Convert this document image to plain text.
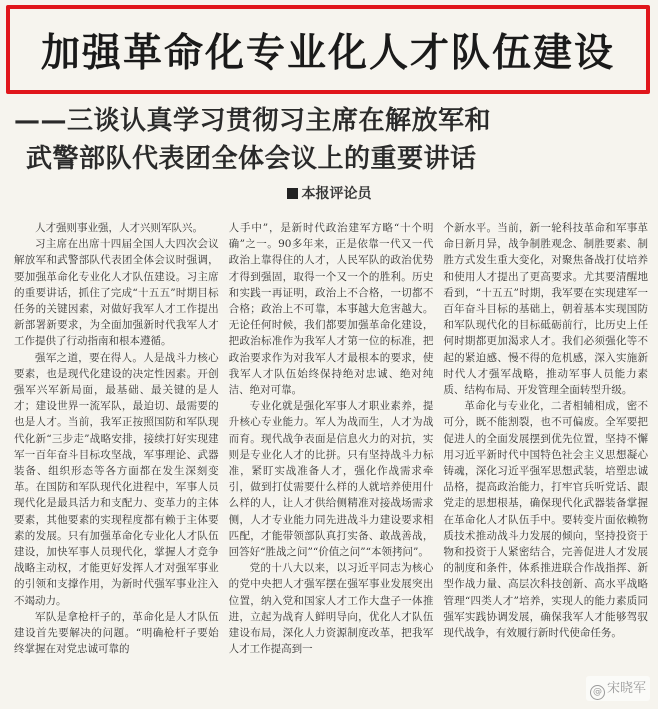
加强革命化专业化人才队伍建设
——三谈认真学习贯彻习主席在解放军和
武警部队代表团全体会议上的重要讲话
本报评论员

人才强则事业强，人才兴则军队兴。

习主席在出席十四届全国人大四次会议解放军和武警部队代表团全体会议时强调，要加强革命化专业化人才队伍建设。习主席的重要讲话，抓住了完成“十五五”时期目标任务的关键因素，对做好我军人才工作提出新部署新要求，为全面加强新时代我军人才工作提供了行动指南和根本遵循。

强军之道，要在得人。人是战斗力核心要素，也是现代化建设的决定性因素。开创强军兴军新局面，最基础、最关键的是人才；建设世界一流军队，最迫切、最需要的也是人才。当前，我军正按照国防和军队现代化新“三步走”战略安排，接续打好实现建军一百年奋斗目标攻坚战，军事理论、武器装备、组织形态等各方面都在发生深刻变革。在国防和军队现代化进程中，军事人员现代化是最具活力和支配力、变革力的主体要素，其他要素的实现程度都有赖于主体要素的发展。只有加强革命化专业化人才队伍建设，加快军事人员现代化，掌握人才竞争战略主动权，才能更好发挥人才对强军事业的引领和支撑作用，为新时代强军事业注入不竭动力。

军队是拿枪杆子的，革命化是人才队伍建设首先要解决的问题。“明确枪杆子要始终掌握在对党忠诚可靠的

人手中”，是新时代政治建军方略“十个明确”之一。90多年来，正是依靠一代又一代政治上靠得住的人才，人民军队的政治优势才得到强固，取得一个又一个的胜利。历史和实践一再证明，政治上不合格，一切都不合格；政治上不可靠，本事越大危害越大。无论任何时候，我们都要加强革命化建设，把政治标准作为我军人才第一位的标准，把政治要求作为对我军人才最根本的要求，使我军人才队伍始终保持绝对忠诚、绝对纯洁、绝对可靠。

专业化就是强化军事人才职业素养，提升核心专业能力。军人为战而生，人才为战而育。现代战争表面是信息火力的对抗，实则是专业化人才的比拼。只有坚持战斗力标准，紧盯实战准备人才，强化作战需求牵引，做到打仗需要什么样的人就培养使用什么样的人，让人才供给侧精准对接战场需求侧，人才专业能力同先进战斗力建设要求相匹配，才能带领部队真打实备、敢战善战，回答好“胜战之问”“价值之问”“本领拷问”。

党的十八大以来，以习近平同志为核心的党中央把人才强军摆在强军事业发展突出位置，纳入党和国家人才工作大盘子一体推进，立起为战育人鲜明导向，优化人才队伍建设布局，深化人力资源制度改革，把我军人才工作提高到一

个新水平。当前，新一轮科技革命和军事革命日新月异，战争制胜观念、制胜要素、制胜方式发生重大变化，对聚焦备战打仗培养和使用人才提出了更高要求。尤其要清醒地看到，“十五五”时期，我军要在实现建军一百年奋斗目标的基础上，朝着基本实现国防和军队现代化的目标砥砺前行，比历史上任何时期都更加渴求人才。我们必须强化等不起的紧迫感、慢不得的危机感，深入实施新时代人才强军战略，推动军事人员能力素质、结构布局、开发管理全面转型升级。

革命化与专业化，二者相辅相成，密不可分，既不能割裂，也不可偏废。全军要把促进人的全面发展摆到优先位置，坚持不懈用习近平新时代中国特色社会主义思想凝心铸魂，深化习近平强军思想武装，培塑忠诚品格，提高政治能力，打牢官兵听党话、跟党走的思想根基，确保现代化武器装备掌握在革命化人才队伍手中。要转变片面依赖物质技术推动战斗力发展的倾向，坚持投资于物和投资于人紧密结合，完善促进人才发展的制度和条件，体系推进联合作战指挥、新型作战力量、高层次科技创新、高水平战略管理“四类人才”培养，实现人的能力素质同强军实践协调发展，确保我军人才能够驾驭现代战争，有效履行新时代使命任务。

@ 宋晓军
